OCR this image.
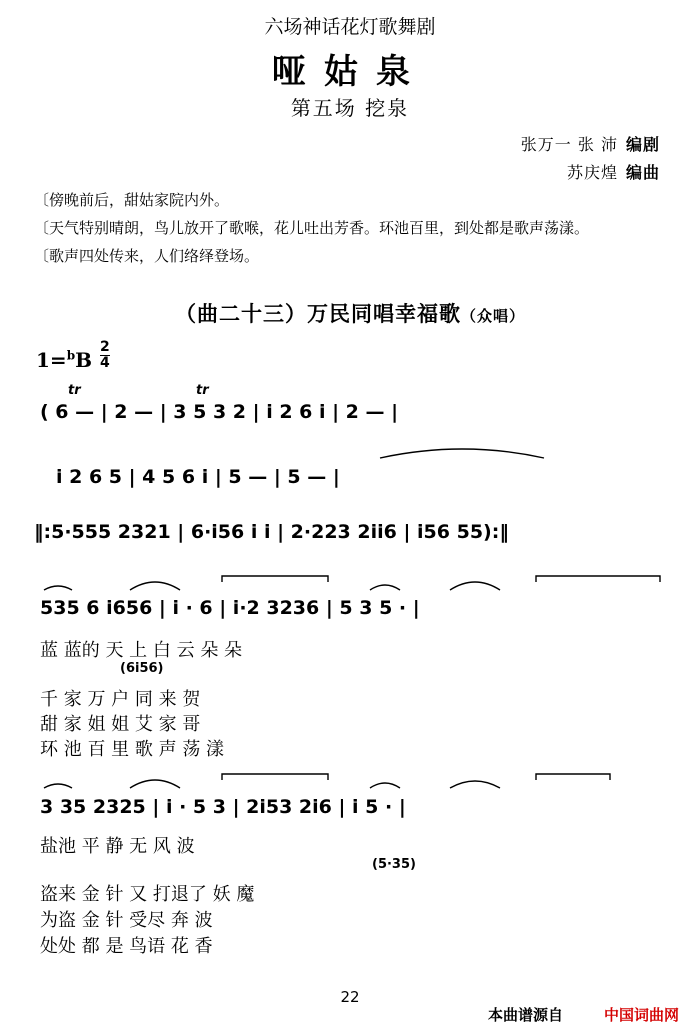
六场神话花灯歌舞剧
哑姑泉
第五场 挖泉
张万一 张 沛 编剧
苏庆煌 编曲
〔傍晚前后，甜姑家院内外。
〔天气特别晴朗，鸟儿放开了歌喉，花儿吐出芳香。环池百里，到处都是歌声荡漾。
〔歌声四处传来，人们络绎登场。
（曲二十三）万民同唱幸福歌（众唱）
1=$^b$B
2
4
tr	tr
( 6 — | 2 — | 3 5 3 2 | i 2 6 i | 2 — |
i 2 6 5 | 4 5 6 i | 5 — | 5 — |
‖:5·555 2321 | 6·i56 i i | 2·223 2ii6 | i56 55):‖
535 6 i656 | i · 6 | i·2 3236 | 5 3 5 · |
(6i56)
蓝 蓝的 天 上 白 云 朵 朵
千 家 万 户 同 来 贺
甜 家 姐 姐 艾 家 哥
环 池 百 里 歌 声 荡 漾
3 35 2325 | i · 5 3 | 2i53 2i6 | i 5 · |
盐池 平 静 无 风 波
(5·35)
盗来 金 针 又 打退了 妖 魔
为盗 金 针 受尽 奔 波
处处 都 是 鸟语 花 香
22
本曲谱源自	中国词曲网
